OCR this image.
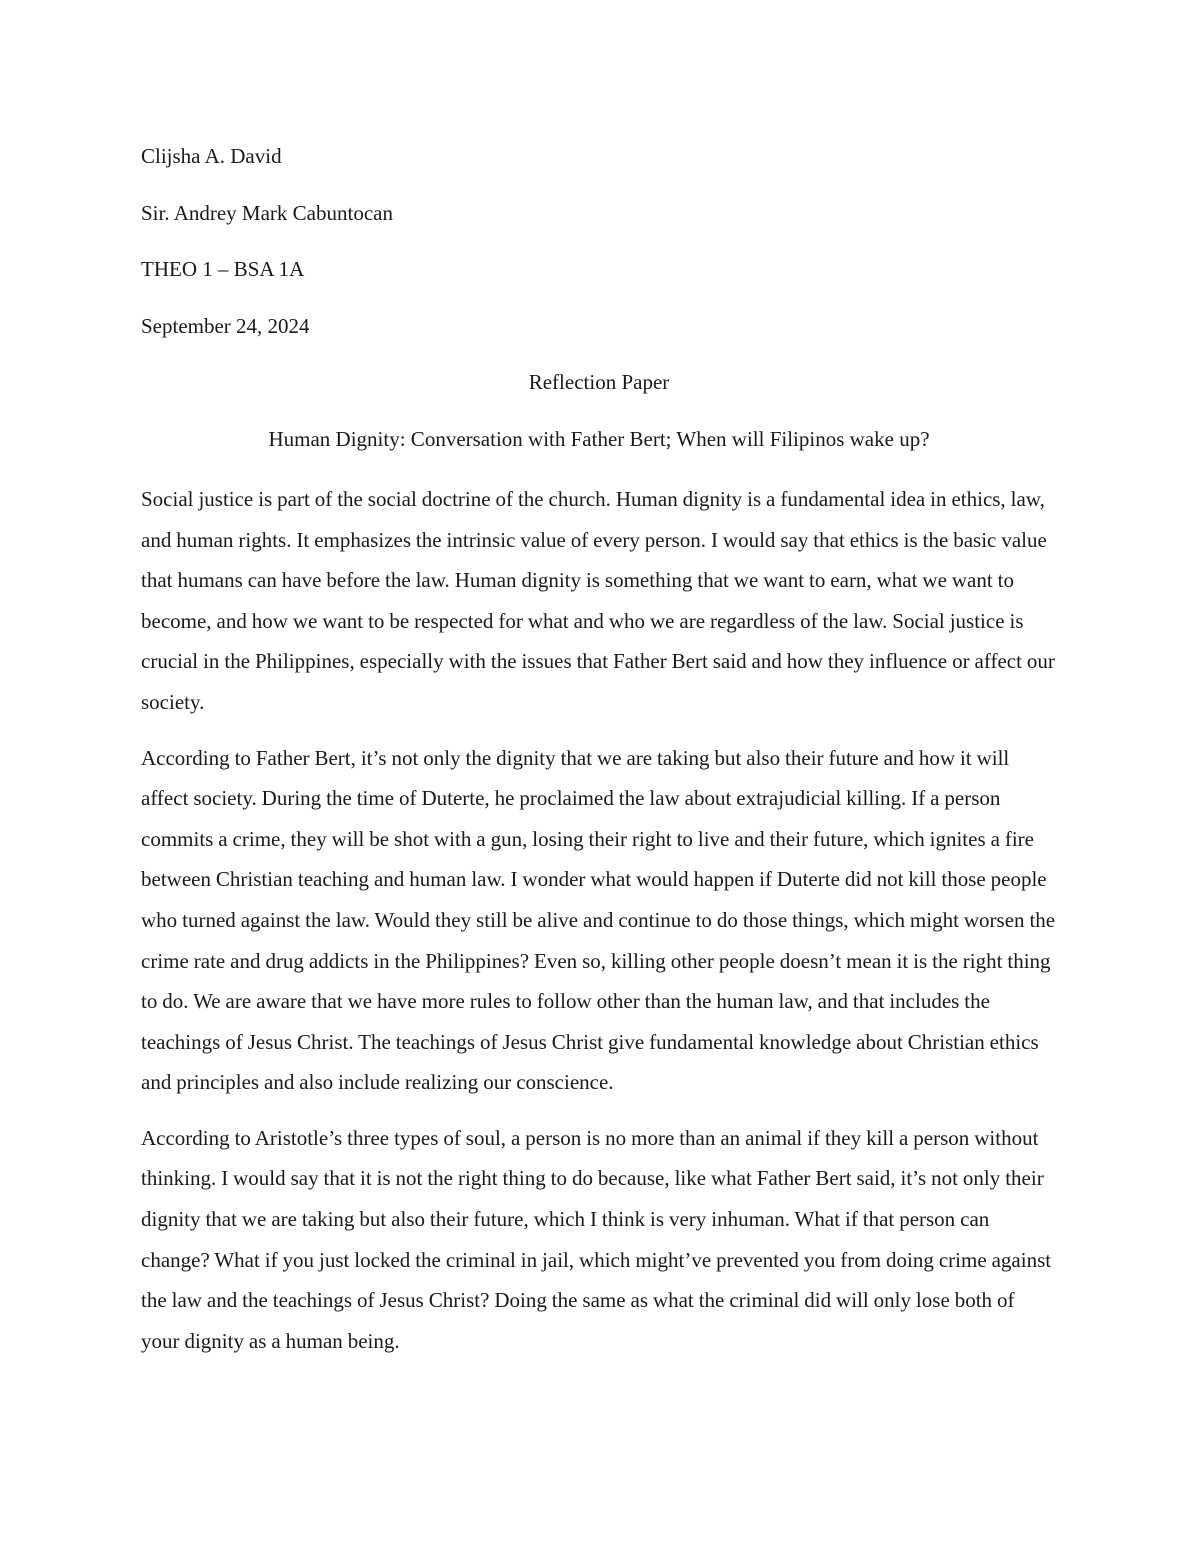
Clijsha A. David

Sir. Andrey Mark Cabuntocan

THEO 1 – BSA 1A

September 24, 2024

Reflection Paper

Human Dignity: Conversation with Father Bert; When will Filipinos wake up?

Social justice is part of the social doctrine of the church. Human dignity is a fundamental idea in ethics, law, and human rights. It emphasizes the intrinsic value of every person. I would say that ethics is the basic value that humans can have before the law. Human dignity is something that we want to earn, what we want to become, and how we want to be respected for what and who we are regardless of the law. Social justice is crucial in the Philippines, especially with the issues that Father Bert said and how they influence or affect our society.

According to Father Bert, it’s not only the dignity that we are taking but also their future and how it will affect society. During the time of Duterte, he proclaimed the law about extrajudicial killing. If a person commits a crime, they will be shot with a gun, losing their right to live and their future, which ignites a fire between Christian teaching and human law. I wonder what would happen if Duterte did not kill those people who turned against the law. Would they still be alive and continue to do those things, which might worsen the crime rate and drug addicts in the Philippines? Even so, killing other people doesn’t mean it is the right thing to do. We are aware that we have more rules to follow other than the human law, and that includes the teachings of Jesus Christ. The teachings of Jesus Christ give fundamental knowledge about Christian ethics and principles and also include realizing our conscience.

According to Aristotle’s three types of soul, a person is no more than an animal if they kill a person without thinking. I would say that it is not the right thing to do because, like what Father Bert said, it’s not only their dignity that we are taking but also their future, which I think is very inhuman. What if that person can change? What if you just locked the criminal in jail, which might’ve prevented you from doing crime against the law and the teachings of Jesus Christ? Doing the same as what the criminal did will only lose both of your dignity as a human being.
